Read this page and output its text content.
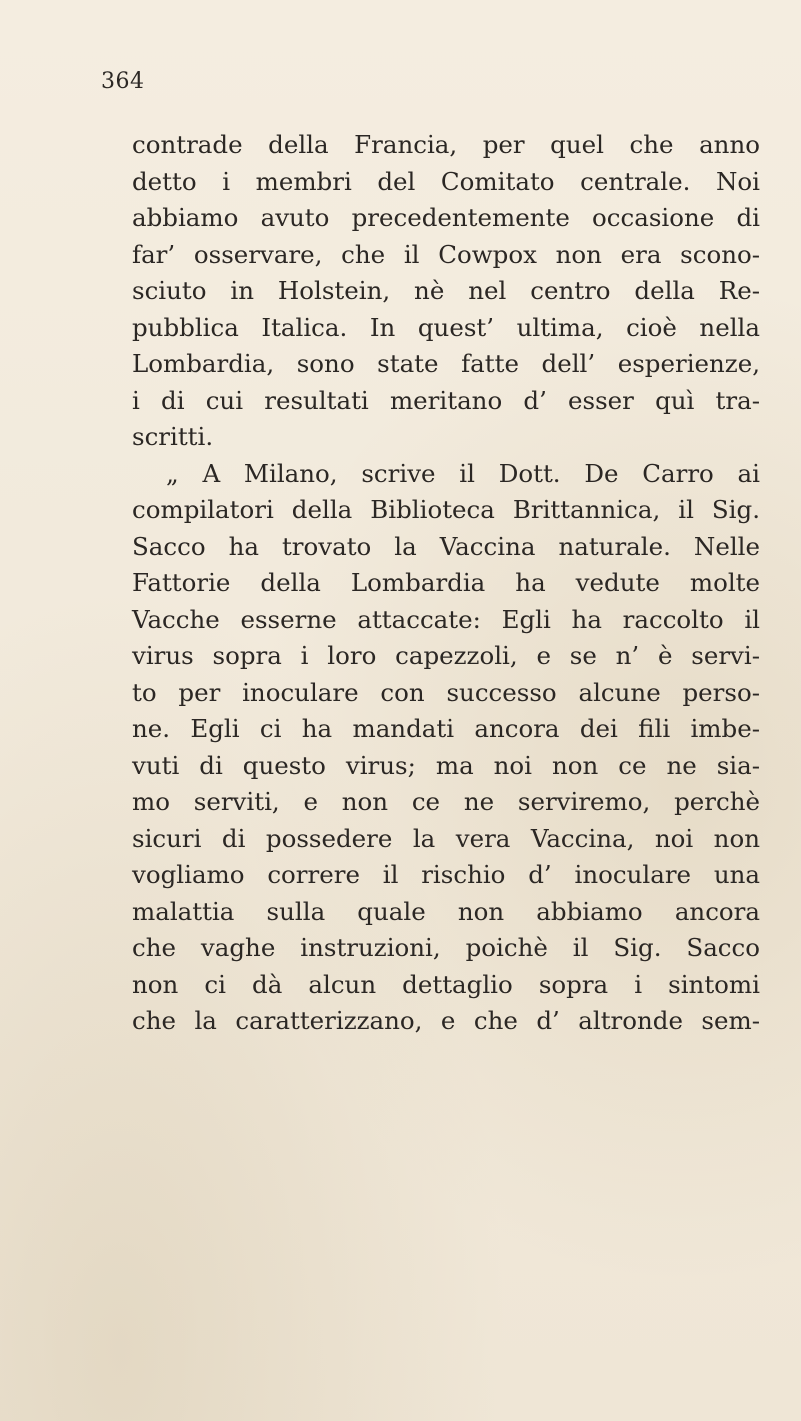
364
contrade della Francia, per quel che anno
detto i membri del Comitato centrale. Noi
abbiamo avuto precedentemente occasione di
far’ osservare, che il Cowpox non era scono-
sciuto in Holstein, nè nel centro della Re-
pubblica Italica. In quest’ ultima, cioè nella
Lombardia, sono state fatte dell’ esperienze,
i di cui resultati meritano d’ esser quì tra-
scritti.
„ A Milano, scrive il Dott. De Carro ai
compilatori della Biblioteca Brittannica, il Sig.
Sacco ha trovato la Vaccina naturale. Nelle
Fattorie della Lombardia ha vedute molte
Vacche esserne attaccate: Egli ha raccolto il
virus sopra i loro capezzoli, e se n’ è servi-
to per inoculare con successo alcune perso-
ne. Egli ci ha mandati ancora dei fili imbe-
vuti di questo virus; ma noi non ce ne sia-
mo serviti, e non ce ne serviremo, perchè
sicuri di possedere la vera Vaccina, noi non
vogliamo correre il rischio d’ inoculare una
malattia sulla quale non abbiamo ancora
che vaghe instruzioni, poichè il Sig. Sacco
non ci dà alcun dettaglio sopra i sintomi
che la caratterizzano, e che d’ altronde sem-
